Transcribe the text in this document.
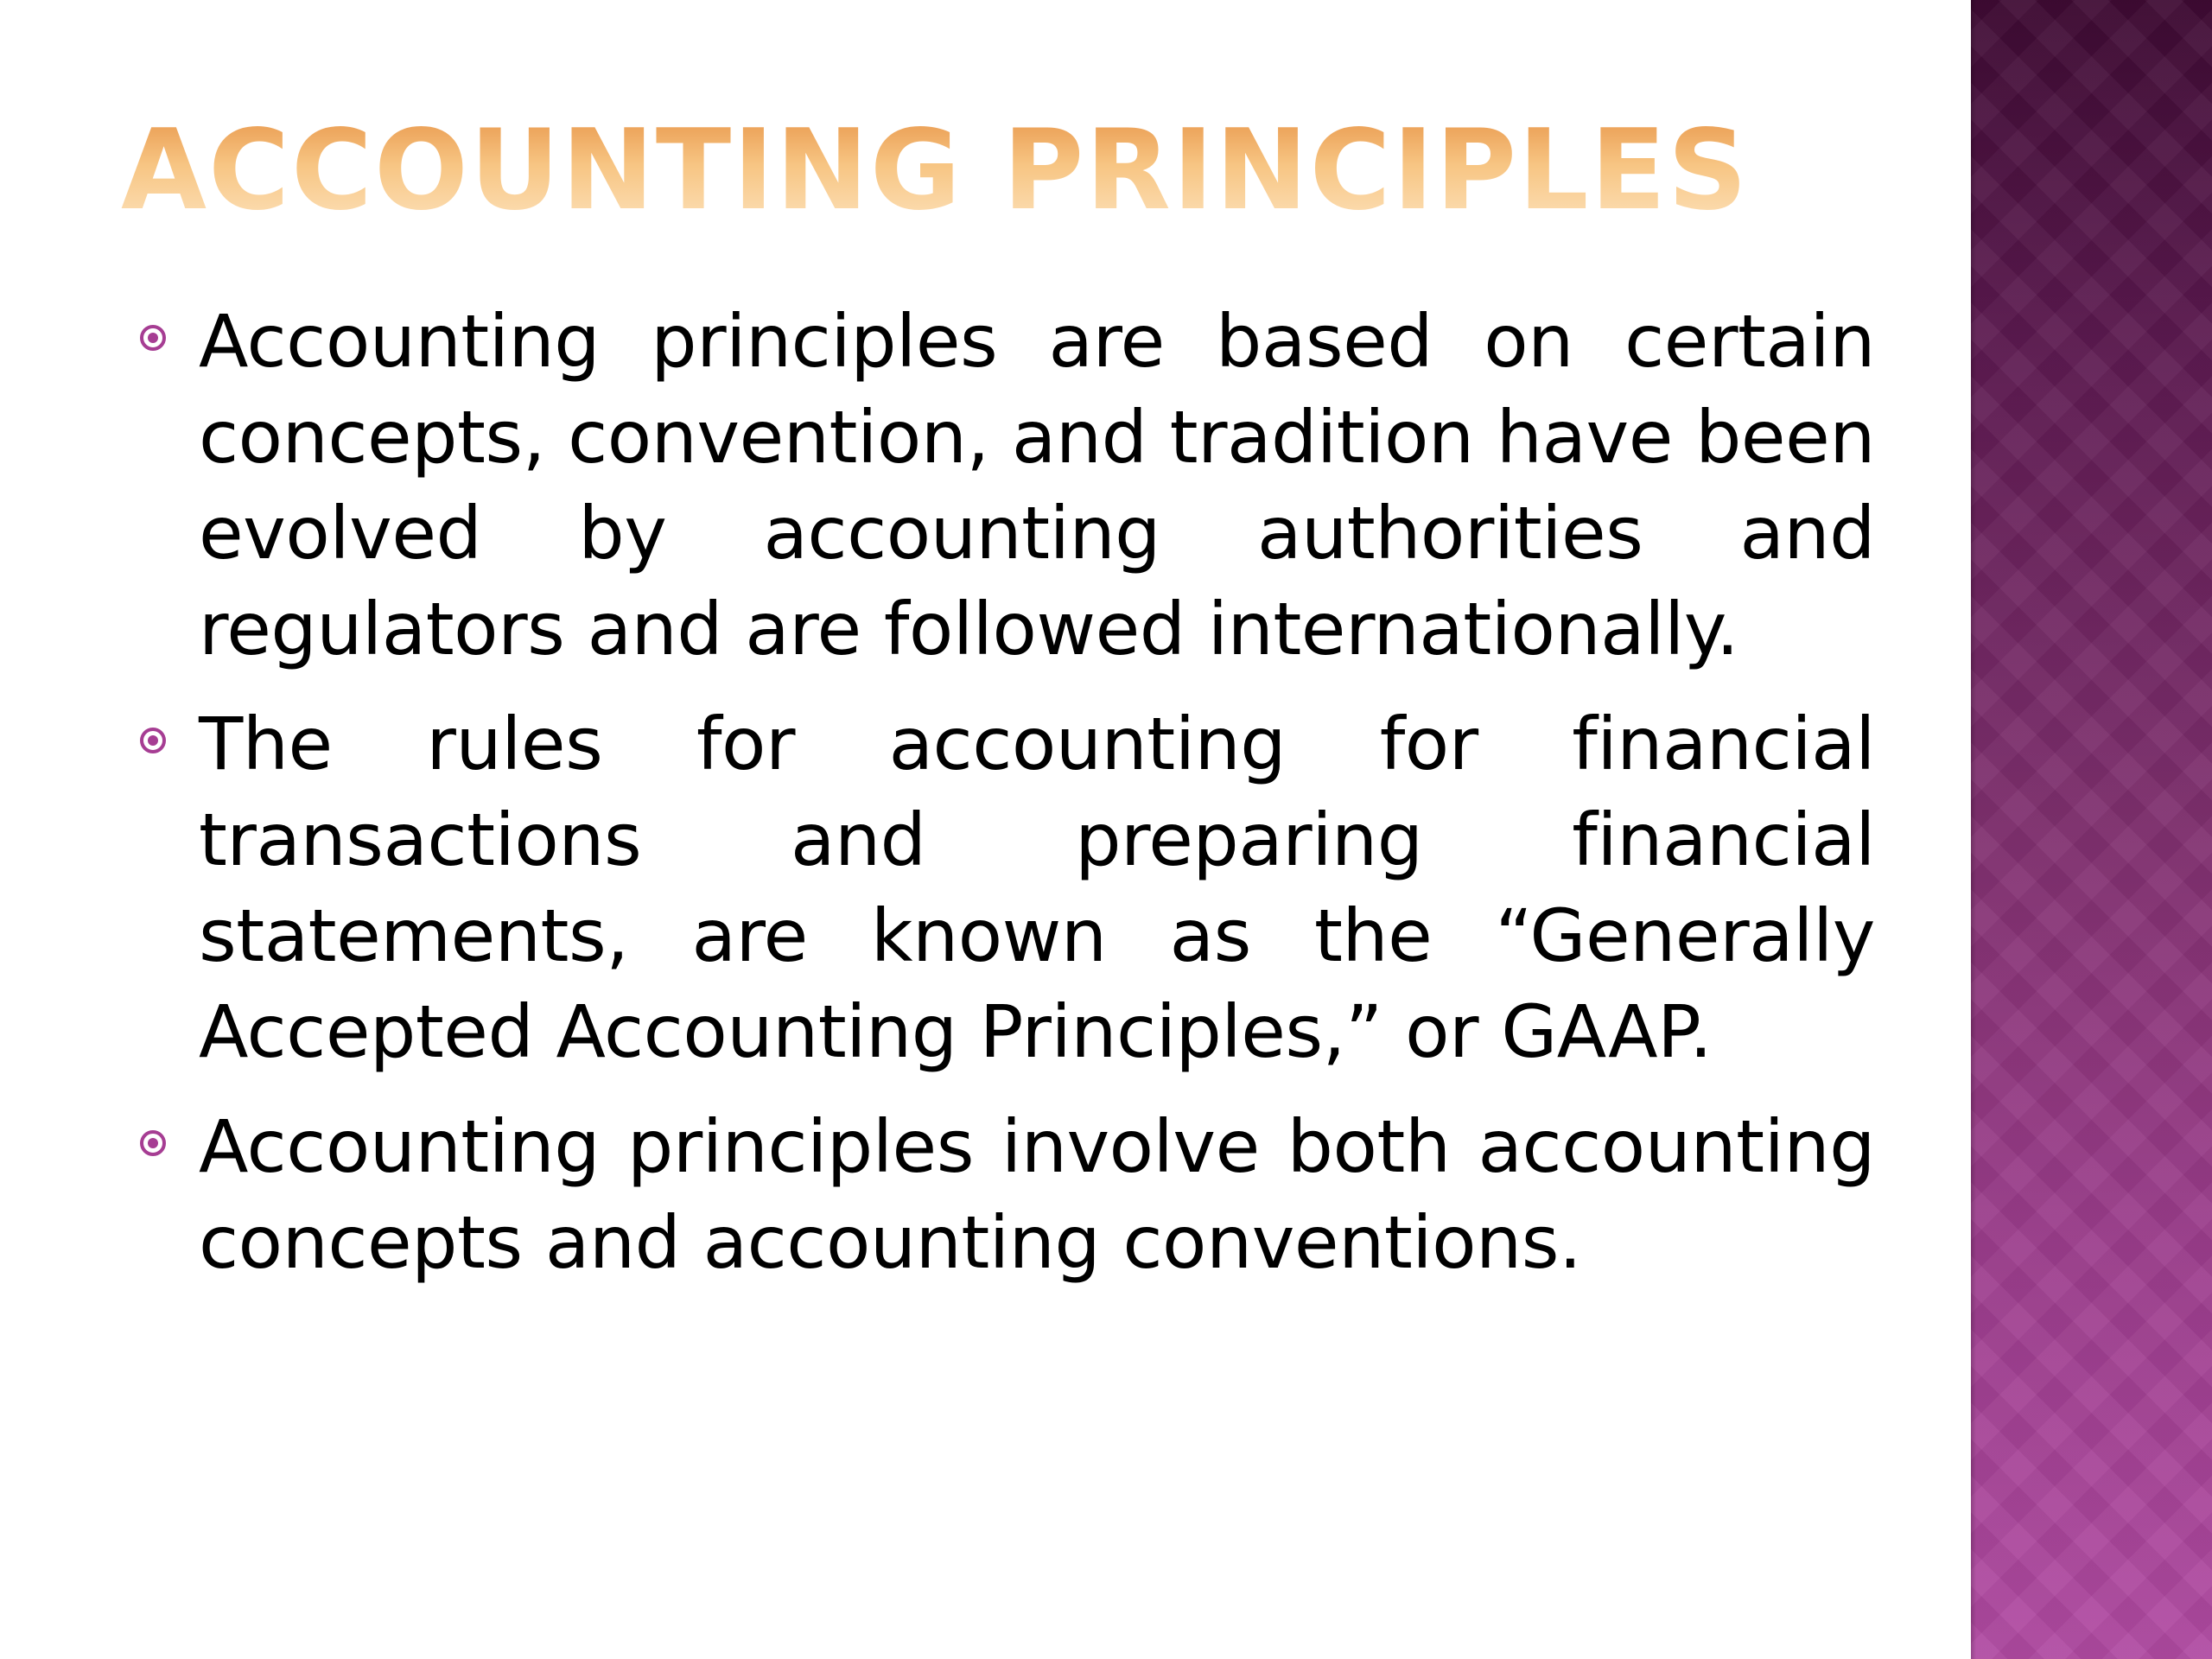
ACCOUNTING PRINCIPLES
Accounting principles are based on certain concepts, convention, and tradition have been evolved by accounting authorities and regulators and are followed internationally.
The rules for accounting for financial transactions and preparing financial statements, are known as the “Generally Accepted Accounting Principles,” or GAAP.
Accounting principles involve both accounting concepts and accounting conventions.
